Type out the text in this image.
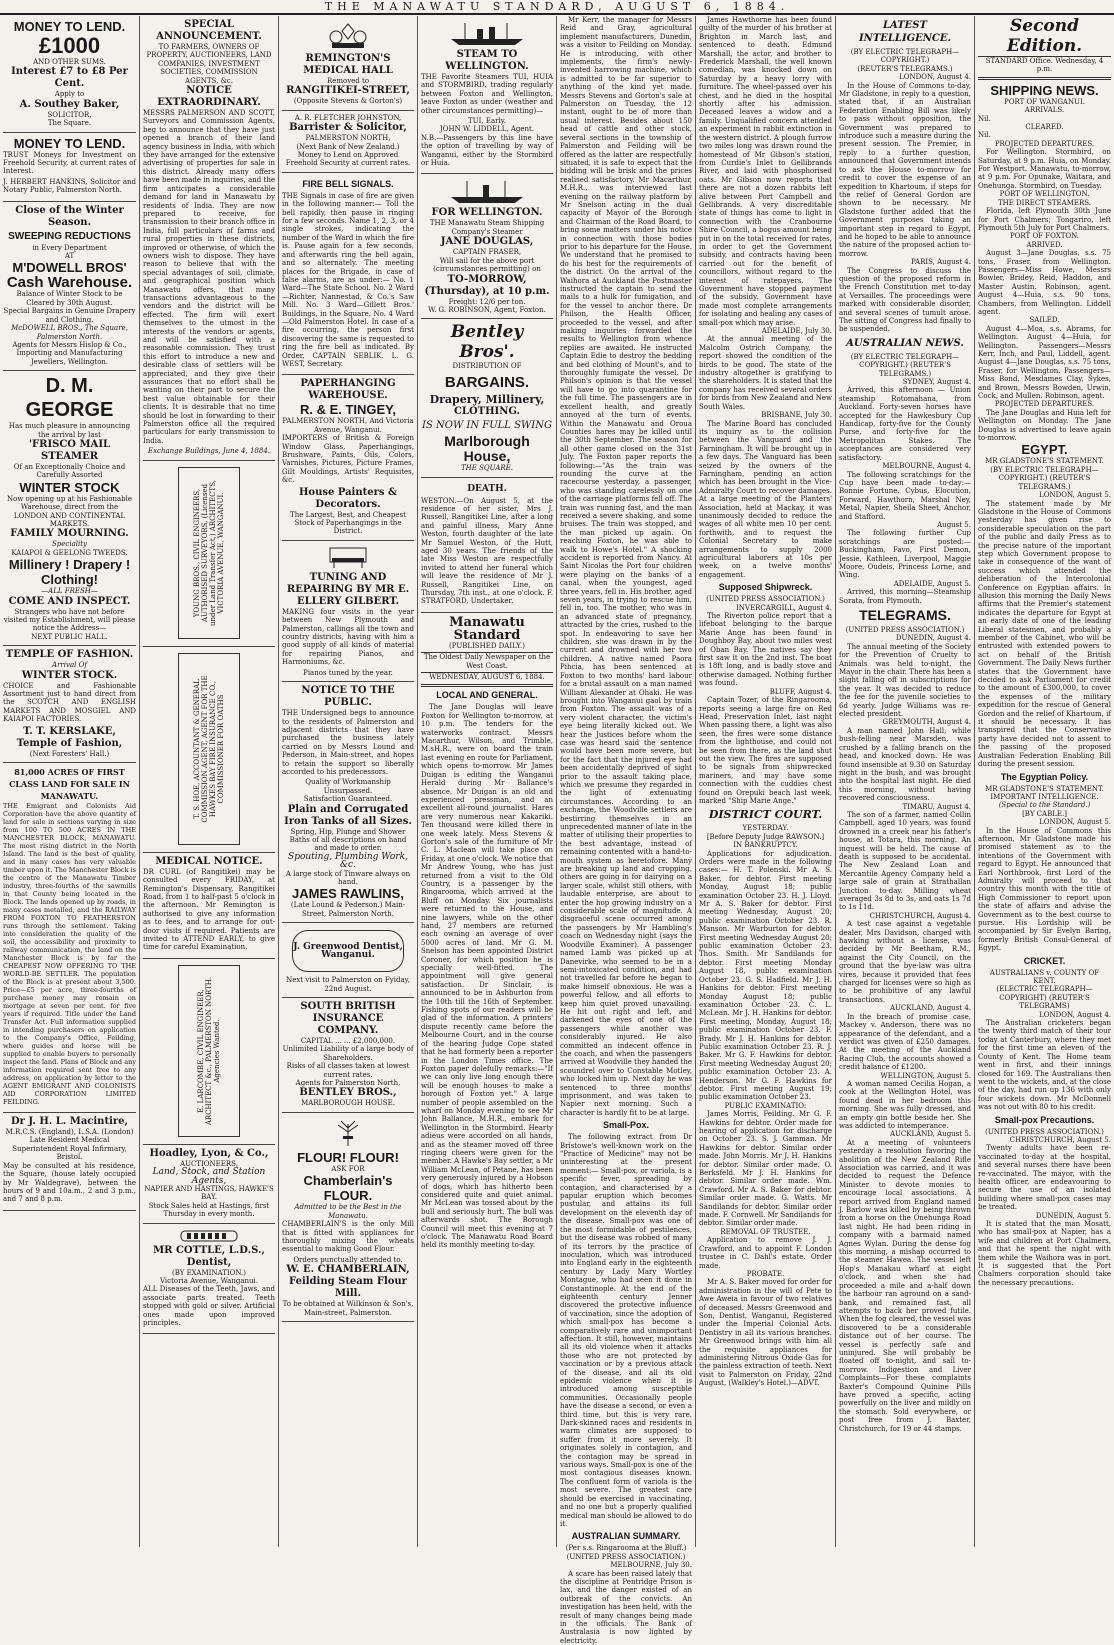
THE MANAWATU STANDARD, AUGUST 6, 1884.
MONEY TO LEND.
£1000
AND OTHER SUMS.
Interest £7 to £8 Per Cent.
Apply to
A. Southey Baker,
SOLICITOR,
The Square.
MONEY TO LEND.

TRUST Moneys for Investment on Freehold Security, at current rates of Interest.

J. HERBERT HANKINS, Solicitor and Notary Public, Palmerston North.

Close of the Winter Season.
SWEEPING REDUCTIONS
in Every Department
AT
M'DOWELL BROS'
Cash Warehouse.
Balance of Winter Stock to be Cleared by 30th August.
Special Bargains in Genuine Drapery and Clothing.
McDOWELL BROS., The Square, Palmerston North.
Agents for Messrs Hislop & Co., Importing and Manufacturing Jewellers, Wellington.
D. M. GEORGE
Has much pleasure in announcing the arrival by last
'FRISCO MAIL STEAMER
Of an Exceptionally Choice and Carefully Assorted
WINTER STOCK
Now opening up at his Fashionable Warehouse, direct from the LONDON AND CONTINENTAL MARKETS.
FAMILY MOURNING.
Speciality
KAIAPOI & GEELONG TWEEDS.
Millinery ! Drapery ! Clothing!
—ALL FRESH—
COME AND INSPECT.
Strangers who have not before visited my Establishment, will please notice the Address—
NEXT PUBLIC HALL.
TEMPLE OF FASHION.
Arrival Of
WINTER STOCK.

CHOICE and Fashionable Assortment just to hand direct from the SCOTCH AND ENGLISH MARKETS AND MOSGIEL AND KAIAPOI FACTORIES.

T. T. KERSLAKE,
Temple of Fashion,
(Next Foresters' Hall.)
81,000 ACRES OF FIRST CLASS LAND FOR SALE IN MANAWATU.

THE Emigrant and Colonists Aid Corporation have the above quantity of land for sale in sections varying in size from 100 TO 500 ACRES IN THE MANCHESTER BLOCK, MANAWATU. The most rising district in the North Island. The land is the best of quality, and in many cases has very valuable timber upon it. The Manchester Block is the centre of the Manawatu Timber industry, three-fourths of the sawmills in that County being located in the Block. The lands opened up by roads, in many cases metalled, and the RAILWAY FROM FOXTON TO FEATHERSTON runs through the settlement. Taking into consideration the quality of the soil, the accessibility and proximity to railway communication, the land on the Manchester Block is by far the CHEAPEST NOW OFFERING TO THE WORLD-BE SETTLER. The population of the Block is at present about 3,500. Price—£5 per acre, three-fourths of purchase money may remain on mortgage at seven per cent. for five years if required. Title under the Land Transfer Act. Full information supplied in intending purchasers on application to the Company's Office, Feilding, where guides and horse will be supplied to enable buyers to personally inspect the land. Plans of Block and any information required sent free to any address, on application by letter to the AGENT EMIGRANT AND COLONISTS AID CORPORATION LIMITED FEILDING.

Dr J. H. L. Macintire,
M.R.C.S. (England), L.S.A. (London)
Late Resident Medical Superintendent Royal Infirmary, Bristol.

May be consulted at his residence, the Square, (house lately occupied by Mr Waldegrave), between the hours of 9 and 10a.m., 2 and 3 p.m., and 7 and 8 p.m.

SPECIAL ANNOUNCEMENT.
TO FARMERS, OWNERS OF PROPERTY, AUCTIONEERS, LAND COMPANIES, INVESTMENT SOCIETIES, COMMISSION AGENTS, &c.
NOTICE EXTRAORDINARY.

MESSRS PALMERSON AND SCOTT, Surveyors and Commission Agents, beg to announce that they have just opened a branch of their land agency business in India, with which they have arranged for the extensive advertising of properties for sale in this district. Already many offers have been made in inquiries, and the firm anticipates a considerable demand for land in Manawatu by residents of India. They are now prepared to receive, for transmission to their branch office in India, full particulars of farms and rural properties in these districts, improved or otherwise, of which the owners wish to dispose. They have reason to believe that with the special advantages of soil, climate, and geographical position which Manawatu offers, that many transactions advantageous to the vendors and the district will be effected. The firm will exert themselves to the utmost in the interests of the vendors or agents, and will be satisfied with a reasonable commission. They trust this effort to introduce a new and desirable class of settlers will be appreciated, and they give their assurances that no effort shall be wanting on their part to secure the best value obtainable for their clients. It is desirable that no time should be lost in forwarding to their Palmerston office all the required particulars for early transmission to India.

Exchange Buildings, June 4, 1884.
YOUNG BROS., CIVIL ENGINEERS, AUTHORISED SURVEYORS, (Licensed under Land Transfer Act,) ARCHITECTS, VICTORIA AVENUE, WANGANUI.
T. S. HOE, ACCOUNTANT & GENERAL COMMISSION AGENT, AGENT FOR THE HAWKES BAY FIRE INSURANCE CO., COMMISSIONER FOR OATHS
MEDICAL NOTICE.

DR CURL (of Rangitikei) may be consulted every FRIDAY, at Remington's Dispensary, Rangitikei Road, from 1 to half-past 5 o'clock in the afternoon. Mr Remington is authorised to give any information as to fees, and to arrange for out-door visits if required. Patients are invited to ATTEND EARLY, to give time for careful Examination.

E. LARCOMBE, CIVIL ENGINEER, ARCHITECT &c., PALMERSTON NORTH. Agencies Wanted.
Hoadley, Lyon, & Co.,
AUCTIONEERS,
Land, Stock, and Station Agents,
NAPIER AND HASTINGS, HAWKE'S BAY.
Stock Sales held at Hastings, first Thursday in every month.
MR COTTLE, L.D.S.,
Dentist,
(BY EXAMINATION.)
Victoria Avenue, Wanganui.

ALL Diseases of the Teeth, Jaws, and associate parts treated. Teeth stopped with gold or silver. Artificial ones made upon improved principles.

REMINGTON'S
MEDICAL HALL
Removed to
RANGITIKEI-STREET,
(Opposite Stevens & Gorton's)
A. R. FLETCHER JOHNSTON,
Barrister & Solicitor,
PALMERSTON NORTH,
(Next Bank of New Zealand.)
Money to Lend on Approved Freehold Security at current rates.
FIRE BELL SIGNALS.

THE Signals in case of fire are given in the following manner:— Toll the bell rapidly, then pause in ringing for a few seconds. Name 1, 2, 3, or 4 single strokes, indicating the number of the Ward in which the fire is. Pause again for a few seconds, and afterwards ring the bell again, and so alternately. The meeting places for the Brigade, in case of false alarms, are as under:— No. 1 Ward—The State School. No. 2 Ward—Richter, Nannestad, & Co.'s Saw Mill. No. 3 Ward—Gillett Bros.' Buildings, in the Square. No. 4 Ward—Old Palmerston Hotel. In case of a fire occurring, the person first discovering the same is requested to ring the fire bell as indicated. By Order, CAPTAIN SEBLIK. L. G. WEST, Secretary.

PAPERHANGING WAREHOUSE.
R. & E. TINGEY,
PALMERSTON NORTH, And Victoria Avenue, Wanganui.

IMPORTERS of British & Foreign Window Glass, Paperhangings, Brushware, Paints, Oils, Colors, Varnishes, Pictures, Picture Frames, Gilt Mouldings, Artists' Requisites, &c.

House Painters & Decorators.
The Largest, Best, and Cheapest Stock of Paperhangings in the District.
TUNING AND REPAIRING BY MR E. ELLERY GILBERT.

MAKING four visits in the year between New Plymouth and Palmerston, callings all the town and country districts, having with him a good supply of all kinds of material for repairing Pianos, and Harmoniums, &c.

Pianos tuned by the year.
NOTICE TO THE PUBLIC.

THE Undersigned begs to announce to the residents of Palmerston and adjacent districts that they have purchased the business lately carried on by Messrs Lound and Pederson, in Main-street, and hopes to retain the support so liberally accorded to his predecessors.

Quality of Workmanship Unsurpassed.
Satisfaction Guaranteed.
Plain and Corrugated Iron Tanks of all Sizes.
Spring, Hip, Plunge and Shower Baths of all descriptions on hand and made to order.
Spouting, Plumbing Work, &c.
A large stock of Tinware always on hand.
JAMES RAWLINS,
(Late Lound & Pederson.) Main-Street, Palmerston North.
J. Greenwood Dentist, Wanganui.
Next visit to Palmerston on Fyiday, 22nd August.
SOUTH BRITISH INSURANCE COMPANY.
CAPITAL ... ... £2,000,000.
Unlimited Liability of a large body of Shareholders.
Risks of all classes taken at lowest current rates.
Agents for Palmerston North,
BENTLEY BROS.,
MARLBOROUGH HOUSE.
FLOUR! FLOUR!
ASK FOR
Chamberlain's FLOUR.
Admitted to be the Best in the Manawatu.

CHAMBERLAIN'S is the only Mill that is fitted with appliances for thoroughly mixing the wheats essential to making Good Flour.

Orders punctually attended to.
W. E. CHAMBERLAIN,
Feilding Steam Flour Mill.
To be obtained at Wilkinson & Son's, Main-street, Palmerston.
STEAM TO WELLINGTON.

THE Favorite Steamers TUI, HUIA and STORMBIRD, trading regularly between Foxton and Wellington, leave Foxton as under (weather and other circumstances permitting)—

TUI, Early.
JOHN W. LIDDELL, Agent.

N.B.—Passengers by this line have the option of travelling by way of Wanganui, either by the Stormbird or Huia.

FOR WELLINGTON.
THE Manawatu Steam Shipping Company's Steamer
JANE DOUGLAS,
CAPTAIN FRASER,
Will sail for the above port (circumstances permitting) on
TO-MORROW, (Thursday), at 10 p.m.
Freight: 12/6 per ton.
W. G. ROBINSON, Agent, Foxton.
Bentley Bros'.
DISTRIBUTION OF
BARGAINS.
Drapery, Millinery,
CLOTHING.
IS NOW IN FULL SWING
Marlborough House,
THE SQUARE.
DEATH.

WESTON.—On August 5, at the residence of her sister, Mrs J. Russell, Rangitikei Line, after a long and painful illness, Mary Anne Weston, fourth daughter of the late Mr Samuel Weston, of the Hutt, aged 30 years. The friends of the late Miss Weston are respectfully invited to attend her funeral which will leave the residence of Mr J. Russell, Rangitikei Line, on Thursday, 7th inst., at one o'clock. F. STRATFORD, Undertaker.

Manawatu Standard
(PUBLISHED DAILY.)
The Oldest Daily Newspaper on the West Coast.
WEDNESDAY, AUGUST 6, 1884.
LOCAL AND GENERAL.

The Jane Douglas will leave Foxton for Wellington to-morrow, at 10 p.m. The tenders for the waterworks contract. Messrs Macarthur, Wilson, and Trimble, M.sH.R., were on board the train last evening en route for Parliament, which opens to-morrow. Mr James Duigan is editing the Wanganui Herald during Mr Ballance's absence. Mr Duigan is an old and experienced pressman, and an excellent all-round journalist. Hares are very numerous near Kakariki. Ten thousand were killed there in one week lately. Mess Stevens & Gorton's sale of the furniture of Mr C. L. Maclean will take place on Friday, at one o'clock. We notice that Mr Andrew Young, who has just returned from a visit to the Old Country, is a passenger by the Ringarooma, which arrived at the Bluff on Monday. Six journalists were returned to the House, and nine lawyers, while on the other hand, 27 members are returned each owning an average of over 5000 acres of land. Mr G. M. Snelson has been appointed District Coroner, for which position he is specially well-fitted. The appointment will give general satisfaction. Dr Sinclair, is announced to be in Ashburton from the 10th till the 16th of September. Fishing spots of our readers will be glad of the information. A printers' dispute recently came before the Melbourne Court, and in the course of the hearing Judge Cope stated that he had formerly been a reporter in the London Times office. The Foxton paper dolefully remarks:—"If we can only live long enough there will be enough houses to make a borough of Foxton yet." A large number of people assembled on the wharf on Monday evening to see Mr John Ballance, M.H.R., embark for Wellington in the Stormbird. Hearty adieus were accorded on all hands, and as the steamer moved off three ringing cheers were given for the member. A Hawke's Bay settler, a Mr William McLean, of Petane, has been very generously injured by a Hobson of dogs, which has hitherto been considered quite and quiet animal. Mr McLean was tossed about by the bull and seriously hurt. The bull was afterwards shot. The Borough Council will meet this evening at 7 o'clock. The Manawatu Road Board held its monthly meeting to-day.

Mr Kerr, the manager for Messrs Reid and Gray, agricultural implement manufacturers, Dunedin, was a visitor to Feilding on Monday. He is introducing, with other implements, the firm's newly-invented harrowing machine, which is admitted to be far superior to anything of the kind yet made. Messrs Stevens and Gorton's sale at Palmerston on Tuesday, the 12 instant, ought to be of more than usual interest. Besides about 150 head of cattle and other stock, several sections in the township of Palmerston and Feilding will be offered as the latter are respectfully situated, it is safe to expect that the bidding will be brisk and the prices realised satisfactory. Mr Macarthur, M.H.R., was interviewed last evening on the railway platform by Mr Snelson acting in the dual capacity of Mayor of the Borough and Chairman of the Road Board, to bring some matters under his notice in connection with those bodies prior to his departure for the House. We understand that he promised to do his best for the requirements of the district. On the arrival of the Waihora at Auckland the Postmaster instructed the captain to send the mails to a hulk for fumigation, and for the vessel to anchor there. Dr Philson, the Health Officer, proceeded to the vessel, and after making inquiries forwarded the results to Wellington from whence replies are awaited. He instructed Captain Edie to destroy the bedding and bed clothing of Mount's, and to thoroughly fumigate the vessel. Dr Philson's opinion is that the vessel will have to go into quarantine for the full time. The passengers are in excellent health, and greatly annoyed at the turn of events. Within the Manawatu and Oroua Counties hares may be killed until the 30th September. The season for all other game closed on the 31st July. The Foxton paper reports the following:—"As the train was rounding the curve at the racecourse yesterday, a passenger, who was standing carelessly on one of the carriage platforms fell off. The train was running fast, and the man received a severe shaking, and some bruises. The train was stopped, and the man picked up again. On reaching Foxton, he was able to walk to Howe's Hotel." A shocking accident is reported from Nancy. At Saint Nicolas the Port four children were playing on the banks of a canal, when the youngest, aged three years, fell in. His brother, aged seven years, in trying to rescue him, fell in, too. The mother, who was in an advanced state of pregnancy, attracted by the cries, rushed to the spot. In endeavoring to save her children, she was drawn in by the current and drowned with her two children. A native named Paora Pihcia, has been sentenced at Foxton to two months' hard labour for a brutal assault on a man named William Alexander at Ohaki. He was brought into Wanganui gaol by train from Foxton. The assault was of a very violent character, the victim's eye being literally kicked out. We hear the Justices before whom the case was heard said the sentence would have been more severe, but for the fact that the injured eye had been accidentally deprived of sight prior to the assault taking place, which we presume they regarded in the light of extenuating circumstances. According to an exchange, the Woodville settlers are bestirring themselves in an unprecedented manner of late in the matter of utilising their properties to the best advantage, instead of remaining contented with a hand-to-mouth system as heretofore. Many are breaking up land and cropping, others are going in for dairying on a larger scale, whilst still others, with laudable enterprise, are about to enter the hop growing industry on a considerable scale of magnitude. A disgraceful scene occurred among the passengers by Mr Hambling's coach on Wednesday night (says the Woodville Examiner). A passenger named Lamb was picked up at Danevirke, who seemed to be in a semi-intoxicated condition, and had not travelled far before he began to make himself obnoxious. He was a powerful fellow, and all efforts to keep him quiet proved unavailing. He hit out right and left, and darkened the eyes of one of the passengers while another was considerably injured. He also committed an indecent offence in the coach, and when the passengers arrived at Woodville they handed the scoundrel over to Constable Motley, who locked him up. Next day he was sentenced to three months' imprisonment, and was taken to Napier next morning. Such a character is hardly fit to be at large.

Small-Pox.

The following extract from Dr Bristowe's well-known work on the "Practice of Medicine" may not be uninteresting at the present moment:— Small-pox, or variola, is a specific fever, spreading by contagion, and characterised by a papular eruption which becomes pustular, and attains its full development on the eleventh day of the disease. Small-pox was one of the most formidable of pestilences, but the disease was robbed of many of its terrors by the practice of inoculation, which was introduced into England early in the eighteenth century by Lady Mary Wortley Montague, who had seen it done in Constantinople. At the end of the eighteenth century Jenner discovered the protective influence of vaccination, since the adoption of which small-pox has become a comparatively rare and unimportant affection. It still, however, maintains all its old violence when it attacks those who are not protected by vaccination or by a previous attack of the disease, and all its old epidemic violence when it is introduced among susceptible communities. Occasionally people have the disease a second, or even a third time, but this is very rare. Dark-skinned races and residents in warm climates are supposed to suffer from it more severely. It originates solely in contagion, and the contagion may be spread in various ways. Small-pox is one of the most contagious diseases known. The confluent form of variola is the most severe. The greatest care should be exercised in vaccinating, and no one but a properly qualified medical man should be allowed to do it.

AUSTRALIAN SUMMARY.
(Per s.s. Ringarooma at the Bluff.)
(UNITED PRESS ASSOCIATION.)
MELBOURNE, July 30.

A scare has been raised lately that the discipline at Pentridge Prison is lax, and the danger existed of an outbreak of the convicts. An investigation has been held, with the result of many changes being made in the officials. The Bank of Australasia is now lighted by electricity.

James Hawthorne has been found guilty of the murder of his brother at Brighton in March last, and sentenced to death. Edmund Marshall, the actor, and brother to Frederick Marshall, the well known comedian, was knocked down on Saturday by a heavy lorry with furniture. The wheel-passed over his chest, and he died in the hospital shortly after his admission. Deceased leaves a widow and a family. Unqualified concern attended an experiment in rabbit extinction in the western district. A plough furrow two miles long was drawn round the homestead of Mr Gibson's station, from Curdie's Inlet to Gellibrands River, and laid with phosphorised oats. Mr Gibson now reports that there are not a dozen rabbits left alive between Port Campbell and Gellibrands. A very discreditable state of things has come to light in connection with the Cranbourne Shire Council, a bogus amount being put in on the total received for rates, in order to get the Government subsidy, and contracts having been carried out for the benefit of councillors, without regard to the interest of ratepayers. The Government have stopped payment of the subsidy. Government have made most complete arrangements for isolating and healing any cases of small-pox which may arise.

ADELAIDE, July 30.

At the annual meeting of the Malcolm Ostrich Company, the report showed the condition of the birds to be good. The state of the industry altogether is gratifying to the shareholders. It is stated that the company has received several orders for birds from New Zealand and New South Wales.

BRISBANE, July 30.

The Marine Board has concluded its inquiry as to the collision between the Vanguard and the Farningham. It will be brought up in a few days. The Vanguard has been seized by the owners of the Farningham, pending an action which has been brought in the Vice-Admiralty Court to recover damages. At a large meeting of the Planters' Association, held at Mackay, it was unanimously decided to reduce the wages of all white men 10 per cent. forthwith, and to request the Colonial Secretary to make arrangements to supply 2000 agricultural laborers at 10s per week, on a twelve months' engagement.

Supposed Shipwreck.
(UNITED PRESS ASSOCIATION.)
INVERCARGILL, August 4.

The Riverton police report that a lifeboat belonging to the barque Marie Ange has been found in Doughboy Bay, about two miles west of Oban Bay. The natives say they first saw it on the 2nd inst. The boat is 18ft long, and is badly stove and otherwise damaged. Nothing further was found.

BLUFF, August 4.

Captain Tozer, of the Ringarooma, reports seeing a large fire on Red Head, Preservation Inlet, last night When passing there, a light was also seen, the fires were some distance from the lighthouse, and could not be seen from there, as the land shut out the view. The fires are supposed to be signals from shipwrecked mariners, and may have some connection with the cuddies chest found on Orepuki beach last week, marked "Ship Marie Ange."

DISTRICT COURT.
YESTERDAY.
[Before Deputy Judge RAWSON.]
IN BANKRUPTCY.

Applications for adjudication. Orders were made in the following cases:— H. T. Polenski. Mr A. S. Baker, for debtor. First meeting Monday, August 18; public examination October 23. H. J. Lloyd. Mr A. S. Baker for debtor. First meeting Wednesday, August 20; public examination October 23. R. Manson. Mr Warburton for debtor. First meeting Wednesday August 20; public examination October 23. Thos. Smith. Mr Sandilands for debtor. First meeting Monday August 18, public examination October 23. G. S. Hadfield. Mr J. H. Hankins for debtor. First meeting Monday August 18; public examination October 23. C. L. McLean. Mr J. H. Hankins for debtor. First meeting, Monday, August 18; public examination October 23. F. Brady. Mr J. H. Hankins for debtor. Public examination October 23. R. J. Baker. Mr G. F. Hawkins for debtor. First meeting Wednesday August 20; public examination October 23. A. Henderson. Mr G. F. Hawkins for debtor. First meeting August 19; public examination October 23.

PUBLIC EXAMINATIO:

James Morris, Feilding. Mr G. F. Hawkins for debtor. Order made for hearing of application for discharge on October 23. S. J. Gamman. Mr Hawkins for debtor. Similar order made. John Morris. Mr J. H. Hankins for debtor. Similar order made. O. Berksfeld. Mr J. H. Hankins for debtor. Similar order made. Wm. Crawford. Mr A. S. Baker for debtor. Similar order made. G. Watts. Mr Sandilands for debtor. Similar order made. F. Cornwell. Mr Sandilands for debtor. Similar order made.

REMOVAL OF TRUSTEE.

Application to remove J. J. Crawford, and to appoint F. London trustee in C. Dahl's estate. Order made.

PROBATE.

Mr A. S. Baker moved for order for administration in the will of Pete to Awe Aweia in favour of two relatives of deceased. Messrs Greenwood and Son, Dentist, Wanganui, Registered under the Imperial Colonial Acts. Dentistry in all its various branches. Mr Greenwood brings with him all the requisite appliances for administering Nitrous Oxide Gas for the painless extraction of teeth. Next visit to Palmerston on Friday, 22nd August, (Walkley's Hotel.)—ADVT.

LATEST INTELLIGENCE.
(BY ELECTRIC TELEGRAPH—COPYRIGHT.)
(REUTER'S TELEGRAMS.)
LONDON, August 4.

In the House of Commons to-day, Mr Gladstone, in reply to a question, stated that, if an Australian Federation Enabling Bill was likely to pass without opposition, the Government was prepared to introduce such a measure during the present session. The Premier, in reply to a further question, announced that Government intends to ask the House to-morrow for credit to cover the expense of an expedition to Khartoum, if steps for the relief of General Gordon are shown to be necessary. Mr Gladstone further added that the Government purposes taking an important step in regard to Egypt, and he hoped to be able to announce the nature of the proposed action to-morrow.

PARIS, August 4.

The Congress to discuss the question of the proposed reform in the French Constitution met to-day at Versailles. The proceedings were marked with considerable disorder, and several scenes of tumult arose. The sitting of Congress had finally to be suspended.

AUSTRALIAN NEWS.
(BY ELECTRIC TELEGRAPH—COPYRIGHT.) (REUTER'S TELEGRAMS.)
SYDNEY, August 4.

Arrived, this afternoon — Union steamship Rotomahana, from Auckland. Forty-seven horses have accepted for the Hawkesbury Cup Handicap, forty-five for the County Purse, and forty-five for the Metropolitan Stakes. The acceptances are considered very satisfactory.

MELBOURNE, August 4.

The following scratchings for the Cup have been made to-day:—Bonnie Fortune, Cybus, Elocution, Forward, Hawthorn, Marshal Ney, Metal, Napier, Sheila Sheet, Anchor, and Stafford.

August 5.

The following further Cup scratchings are posted:—Buckingham, Favo, First Demon, Jessie, Kathleen, Liverpool, Maggie Moore, Oudeis, Princess Lorne, and Wing.

ADELAIDE, August 5.

Arrived, this morning—Steamship Sorata, from Plymouth.

TELEGRAMS.
(UNITED PRESS ASSOCIATION.)
DUNEDIN, August 4.

The annual meeting of the Society for the Prevention of Cruelty to Animals was held to-night, the Mayor in the chair. There has been a slight falling off in subscriptions for the year. It was decided to reduce the fee for the juvenile societies to 6d yearly. Judge Williams was re-elected president.

GREYMOUTH, August 4.

A man named John Hall, while bush-felling near Marsden, was crushed by a falling branch on the head, and knocked down. He was found insensible at 9.30 on Saturday night in the bush, and was brought into the hospital last night. He died this morning, without having recovered consciousness.

TIMARU, August 4.

The son of a farmer, named Collin Campbell, aged 10 years, was found drowned in a creek near his father's house, at Totara, this morning. An inquest will be held. The cause of death is supposed to be accidental. The New Zealand Loan and Mercantile Agency Company held a large sale of grain at Strathallan Junction to-day. Milling wheat averaged 3s 8d to 3s, and oats 1s 7d to 1s 11d.

CHRISTCHURCH, August 4.

A test case against a vegetable dealer, Mrs Davidson, charged with hawking without a license, was decided by Mr Beetham, R.M., against the City Council, on the ground that the bye-law was ultra vires, because it provided that fees charged for licenses were so high as to be prohibitive of any lawful transactions.

AUCKLAND, August 4.

In the breach of promise case, Mackey v. Anderson, there was no appearance of the defendant, and a verdict was given of £250 damages. At the meeting of the Auckland Racing Club, the accounts showed a credit balance of £1200.

WELLINGTON, August 5.

A woman named Cecilia Hogan, a cook at the Wellington Hotel, was found dead in her bedroom this morning. She was fully dressed, and an empty gin bottle beside her. She was addicted to intemperance.

AUCKLAND, August 5.

At a meeting of volunteers yesterday a resolution favoring the abolition of the New Zealand Rifle Association was carried, and it was decided to request the Defence Minister to devote monies to encourage local associations. A report arrived from England named J. Barlow was killed by being thrown from a horse on the Onehunga Road last night. He had been riding in company with a barmaid named Agnes Wylan. During the dense fog this morning, a mishap occurred to the steamer Hawea. The vessel left Hop's Manakau wharf at eight o'clock, and when she had proceeded a mile and a-half down the harbour ran aground on a sand-bank, and remained fast, all attempts to back her proved futile. When the fog cleared, the vessel was discovered to be a considerable distance out of her course. The vessel is perfectly safe and uninjured. She will probably be floated off to-night, and sail to-morrow. Indigestion and Liver Complaints—For these complaints Baxter's Compound Quinine Pills have proved a specific, acting powerfully on the liver and mildly on the stomach. Sold everywhere, or post free from J. Baxter, Christchurch, for 19 or 44 stamps.

Second Edition.
STANDARD Office. Wednesday, 4 p.m.
SHIPPING NEWS.
PORT OF WANGANUI.
ARRIVALS.
Nil.
CLEARED.
Nil.
PROJECTED DEPARTURES.

For Wellington. Stormbird, on Saturday, at 9 p.m. Huia, on Monday. For Westport. Manawatu, to-morrow, at 9 p.m. For Opunake, Waitara, and Onehunga. Stormbird, on Tuesday.

PORT OF WELLINGTON.
THE DIRECT STEAMERS.

Florida, left Plymouth 30th June for Port Chalmers; Tongariro, left Plymouth 5th July for Port Chalmers.

PORT OF FOXTON.
ARRIVED.

August 3—Jane Douglas, s.s. 75 tons, Fraser, from Wellington. Passengers—Miss Howe, Messrs Bowler, Bridey, Reid, Haddon, and Master Austin. Robinson, agent. August 4—Huia, s.s. 90 tons, Chambers, from Wellington. Liddell agent.

SAILED.

August 4—Moa, s.s. Abrams, for Wellington. August 4—Huia, for Wellington. Passengers—Messrs Kerr, Inch, and Paul, Liddell, agent. August 4—Jane Douglas, s.s. 75 tons, Fraser, for Wellington. Passengers—Miss Bond, Mesdames Clay, Sykes, and Brown, Messrs Bowden, Urwin, Cock, and Mullen. Robinson, agent.

PROJECTED DEPARTURES.

The Jane Douglas and Huia left for Wellington on Monday. The Jane Douglas is advertised to leave again to-morrow.

EGYPT.
MR GLADSTONE'S STATEMENT.
(BY ELECTRIC TELEGRAPH—COPYRIGHT.) (REUTER'S TELEGRAMS.)
LONDON, August 5.

The statement made by Mr Gladstone in the House of Commons yesterday has given rise to considerable speculation on the part of the public and daily Press as to the precise nature of the important step which Government propose to take in consequence of the want of success which attended the deliberation of the Intercolonial Conference on Egyptian affairs. In allusion this morning the Daily News affirms that the Premier's statement indicates the departure for Egypt at an early date of one of the leading Liberal statesmen, and probably a member of the Cabinet, who will be entrusted with extended powers to act on behalf of the British Government. The Daily News further states that the Government have decided to ask Parliament for credit to the amount of £300,000, to cover the expenses of the military expedition for the rescue of General Gordon and the relief of Khartoum, if it should be necessary. It has transpired that the Conservative party have decided not to assent to the passing of the proposed Australian Federation Enabling Bill during the present session.

The Egyptian Policy.
MR GLADSTONE'S STATEMENT.
IMPORTANT INTELLIGENCE.
(Special to the Standard.)
[BY CABLE.]
LONDON, August 5.

In the House of Commons this afternoon, Mr Gladstone made his promised statement as to the intentions of the Government with regard to Egypt. He announced that Earl Northbrook, first Lord of the Admiralty will proceed to that country this month with the title of High Commissioner to report upon the state of affairs and advise the Government as to the best course to pursue. His Lordship will be accompanied by Sir Evelyn Baring, formerly British Consul-General of Egypt.

CRICKET.
AUSTRALIANS v. COUNTY OF KENT.
(ELECTRIC TELEGRAPH—COPYRIGHT) (REUTER'S TELEGRAMS)
LONDON, August 4.

The Australian cricketers began the twenty third match of their tour today at Canterbury, where they met for the first time an eleven of the County of Kent. The Home team went in first, and their innings closed for 169. The Australians then went to the wickets, and, at the close of the day, had run up 136 with only four wickets down. Mr McDonnell was not out with 80 to his credit.

Small-pox Precautions.
(UNITED PRESS ASSOCIATION.)
CHRISTCHURCH, August 5.

Twenty adults have been re-vaccinated to-day at the hospital, and several nurses there have been re-vaccinated. The mayor, with the health officer, are endeavouring to secure the use of an isolated building where small-pox cases may be treated.

DUNEDIN, August 5.

It is stated that the man Mosatt, who has small-pox at Napier, has a wife and children at Port Chalmers, and that he spent the night with them while the Waihora was in port. It is suggested that the Port Chalmers corporation should take the necessary precautions.
